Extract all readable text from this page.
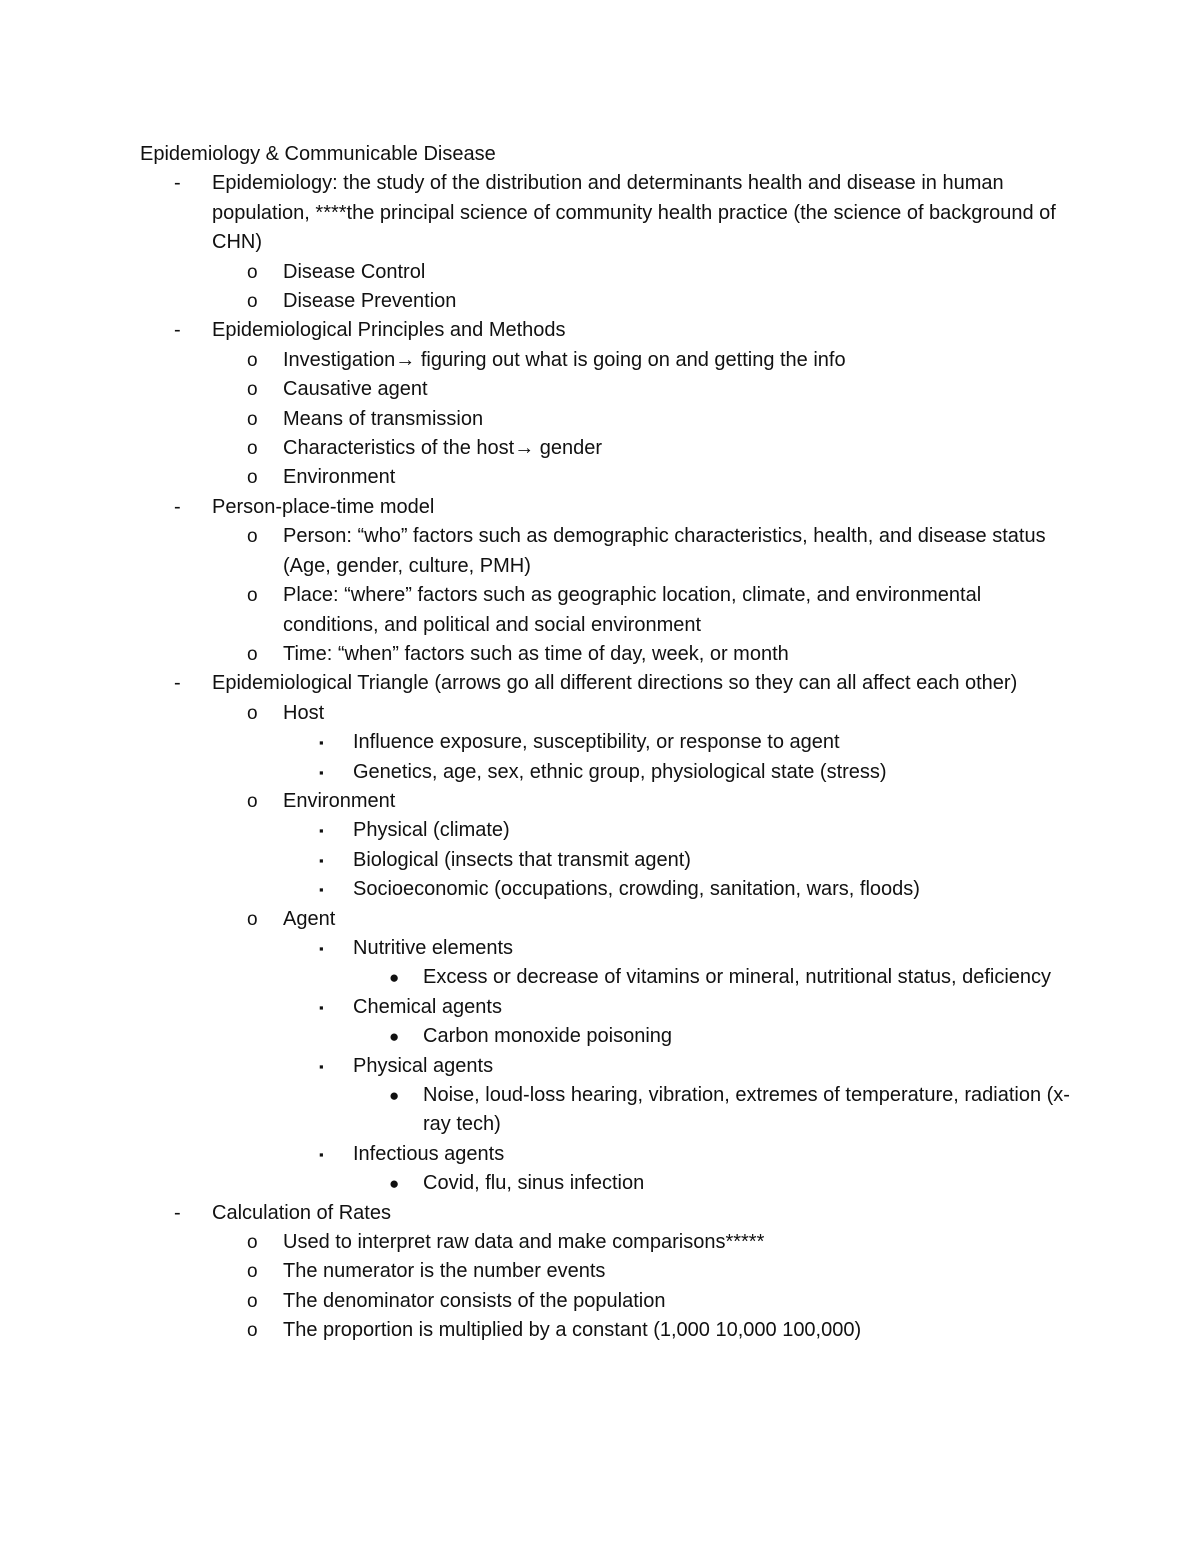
Epidemiology & Communicable Disease

- Epidemiology: the study of the distribution and determinants health and disease in human population, ****the principal science of community health practice (the science of background of CHN)
o Disease Control
o Disease Prevention
- Epidemiological Principles and Methods
o Investigation→ figuring out what is going on and getting the info
o Causative agent
o Means of transmission
o Characteristics of the host→ gender
o Environment
- Person-place-time model
o Person: “who” factors such as demographic characteristics, health, and disease status (Age, gender, culture, PMH)
o Place: “where” factors such as geographic location, climate, and environmental conditions, and political and social environment
o Time: “when” factors such as time of day, week, or month
- Epidemiological Triangle (arrows go all different directions so they can all affect each other)
o Host
▪ Influence exposure, susceptibility, or response to agent
▪ Genetics, age, sex, ethnic group, physiological state (stress)
o Environment
▪ Physical (climate)
▪ Biological (insects that transmit agent)
▪ Socioeconomic (occupations, crowding, sanitation, wars, floods)
o Agent
▪ Nutritive elements
● Excess or decrease of vitamins or mineral, nutritional status, deficiency
▪ Chemical agents
● Carbon monoxide poisoning
▪ Physical agents
● Noise, loud-loss hearing, vibration, extremes of temperature, radiation (x-ray tech)
▪ Infectious agents
● Covid, flu, sinus infection
- Calculation of Rates
o Used to interpret raw data and make comparisons*****
o The numerator is the number events
o The denominator consists of the population
o The proportion is multiplied by a constant (1,000 10,000 100,000)
